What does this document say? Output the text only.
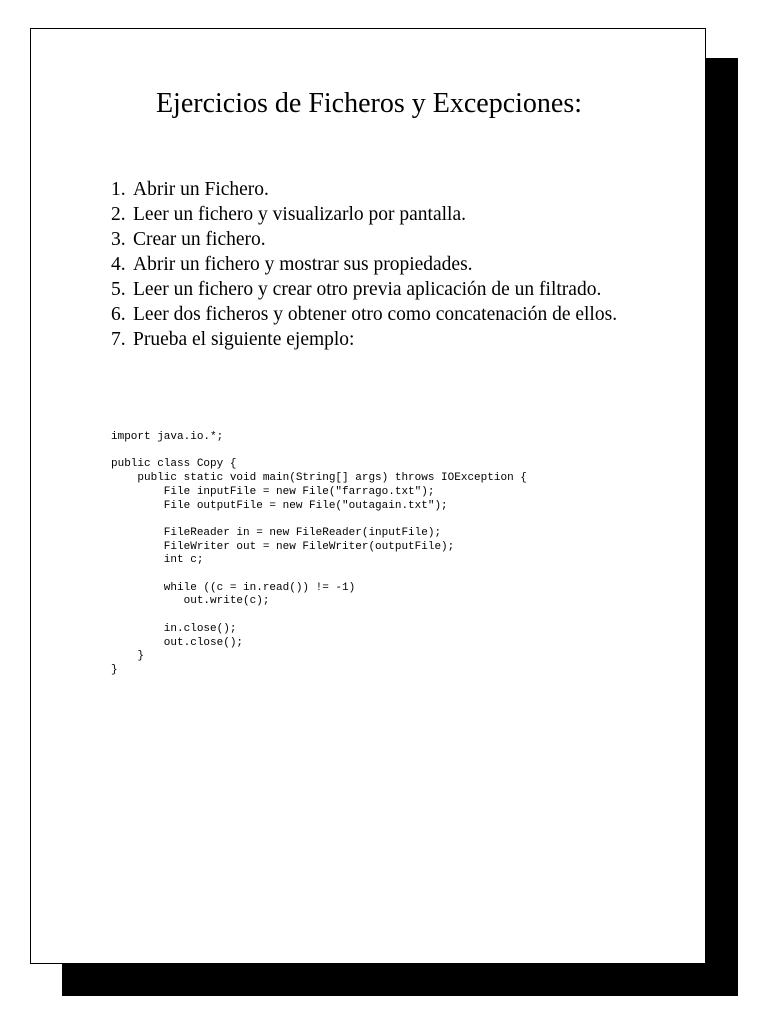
Ejercicios de Ficheros y Excepciones:
1. Abrir un Fichero.
2. Leer un fichero y visualizarlo por pantalla.
3. Crear un fichero.
4. Abrir un fichero y mostrar sus propiedades.
5. Leer un fichero y crear otro previa aplicación de un filtrado.
6. Leer dos ficheros y obtener otro como concatenación de ellos.
7. Prueba el siguiente ejemplo:
import java.io.*;

public class Copy {
public static void main(String[] args) throws IOException {
File inputFile = new File("farrago.txt");
File outputFile = new File("outagain.txt");

FileReader in = new FileReader(inputFile);
FileWriter out = new FileWriter(outputFile);
int c;

while ((c = in.read()) != -1)
out.write(c);

in.close();
out.close();
}
}
